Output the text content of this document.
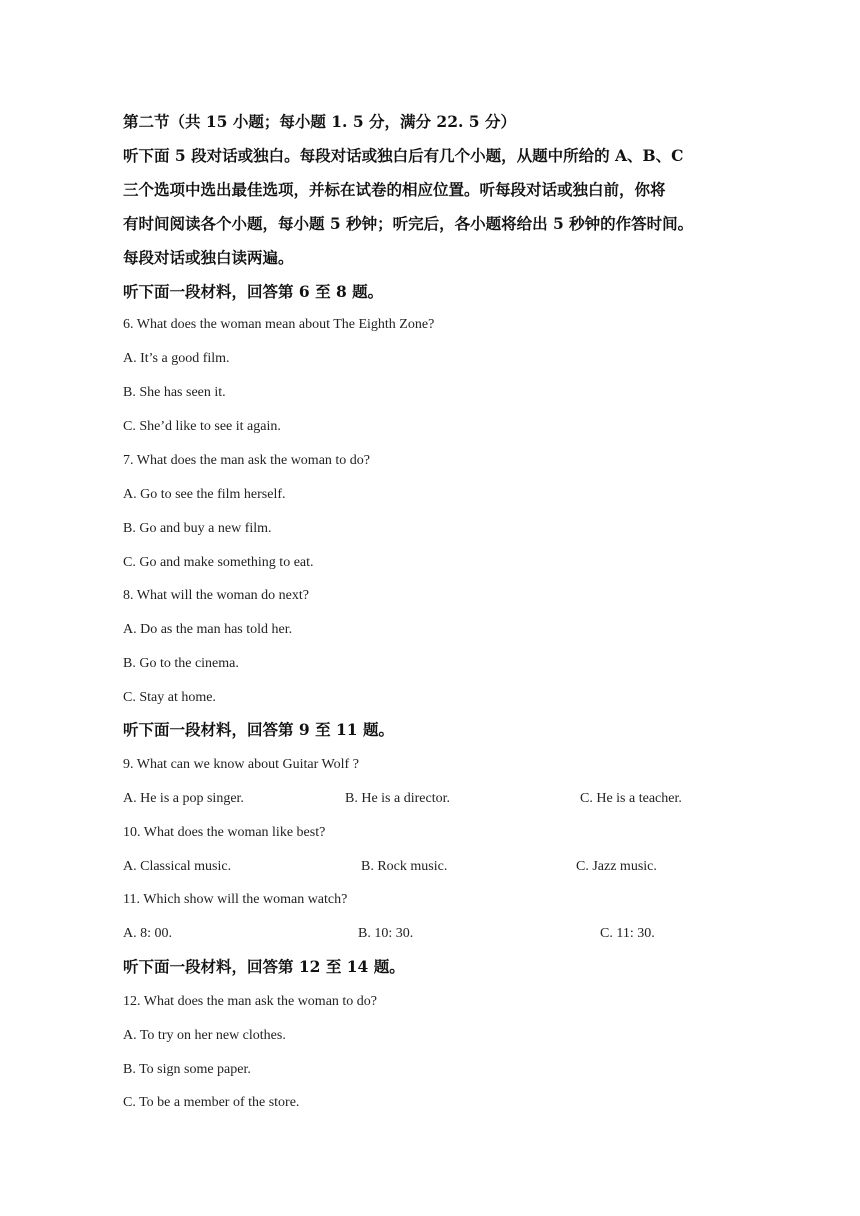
第二节（共 15 小题；每小题 1. 5 分，满分 22. 5 分）
听下面 5 段对话或独白。每段对话或独白后有几个小题，从题中所给的 A、B、C
三个选项中选出最佳选项，并标在试卷的相应位置。听每段对话或独白前，你将
有时间阅读各个小题，每小题 5 秒钟；听完后，各小题将给出 5 秒钟的作答时间。
每段对话或独白读两遍。
听下面一段材料，回答第 6 至 8 题。
6. What does the woman mean about The Eighth Zone?
A. It’s a good film.
B. She has seen it.
C. She’d like to see it again.
7. What does the man ask the woman to do?
A. Go to see the film herself.
B. Go and buy a new film.
C. Go and make something to eat.
8. What will the woman do next?
A. Do as the man has told her.
B. Go to the cinema.
C. Stay at home.
听下面一段材料，回答第 9 至 11 题。
9. What can we know about Guitar Wolf ?
A. He is a pop singer.	B. He is a director.	C. He is a teacher.
10. What does the woman like best?
A. Classical music.	B. Rock music.	C. Jazz music.
11. Which show will the woman watch?
A. 8: 00.	B. 10: 30.	C. 11: 30.
听下面一段材料，回答第 12 至 14 题。
12. What does the man ask the woman to do?
A. To try on her new clothes.
B. To sign some paper.
C. To be a member of the store.
